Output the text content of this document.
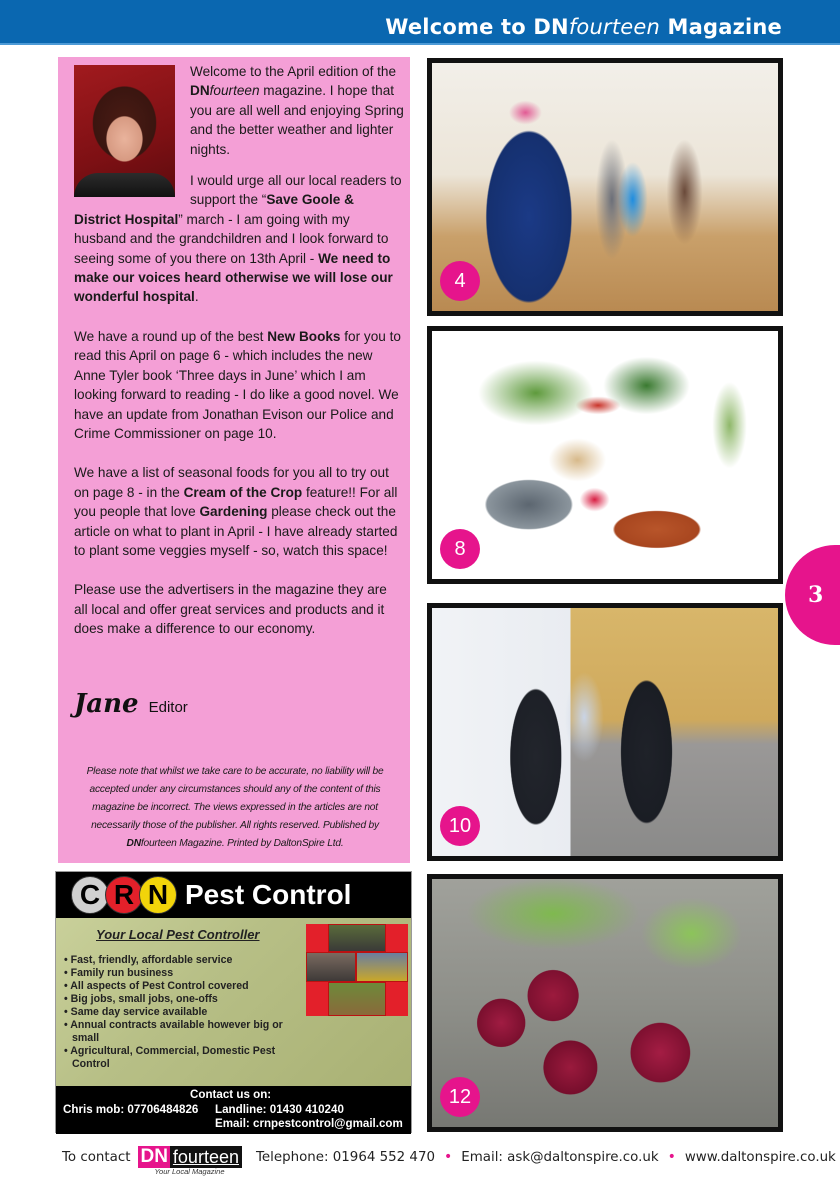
Welcome to DNfourteen Magazine

Welcome to the April edition of the DNfourteen magazine. I hope that you are all well and enjoying Spring and the better weather and lighter nights.

I would urge all our local readers to support the “Save Goole & District Hospital” march - I am going with my husband and the grandchildren and I look forward to seeing some of you there on 13th April - We need to make our voices heard otherwise we will lose our wonderful hospital.

We have a round up of the best New Books for you to read this April on page 6 - which includes the new Anne Tyler book ‘Three days in June’ which I am looking forward to reading - I do like a good novel. We have an update from Jonathan Evison our Police and Crime Commissioner on page 10.

We have a list of seasonal foods for you all to try out on page 8 - in the Cream of the Crop feature!! For all you people that love Gardening please check out the article on what to plant in April - I have already started to plant some veggies myself - so, watch this space!

Please use the advertisers in the magazine they are all local and offer great services and products and it does make a difference to our economy.

Jane Editor
Please note that whilst we take care to be accurate, no liability will be accepted under any circumstances should any of the content of this magazine be incorrect. The views expressed in the articles are not necessarily those of the publisher. All rights reserved. Published by DNfourteen Magazine. Printed by DaltonSpire Ltd.
4
8
10
12
C R N Pest Control
Your Local Pest Controller
• Fast, friendly, affordable service
• Family run business
• All aspects of Pest Control covered
• Big jobs, small jobs, one-offs
• Same day service available
• Annual contracts available however big or small
• Agricultural, Commercial, Domestic Pest Control
Contact us on:
Chris mob: 07706484826 Landline: 01430 410240
Email: crnpestcontrol@gmail.com
3
To contact DN fourteen
Your Local Magazine
Telephone: 01964 552 470 • Email: ask@daltonspire.co.uk • www.daltonspire.co.uk
